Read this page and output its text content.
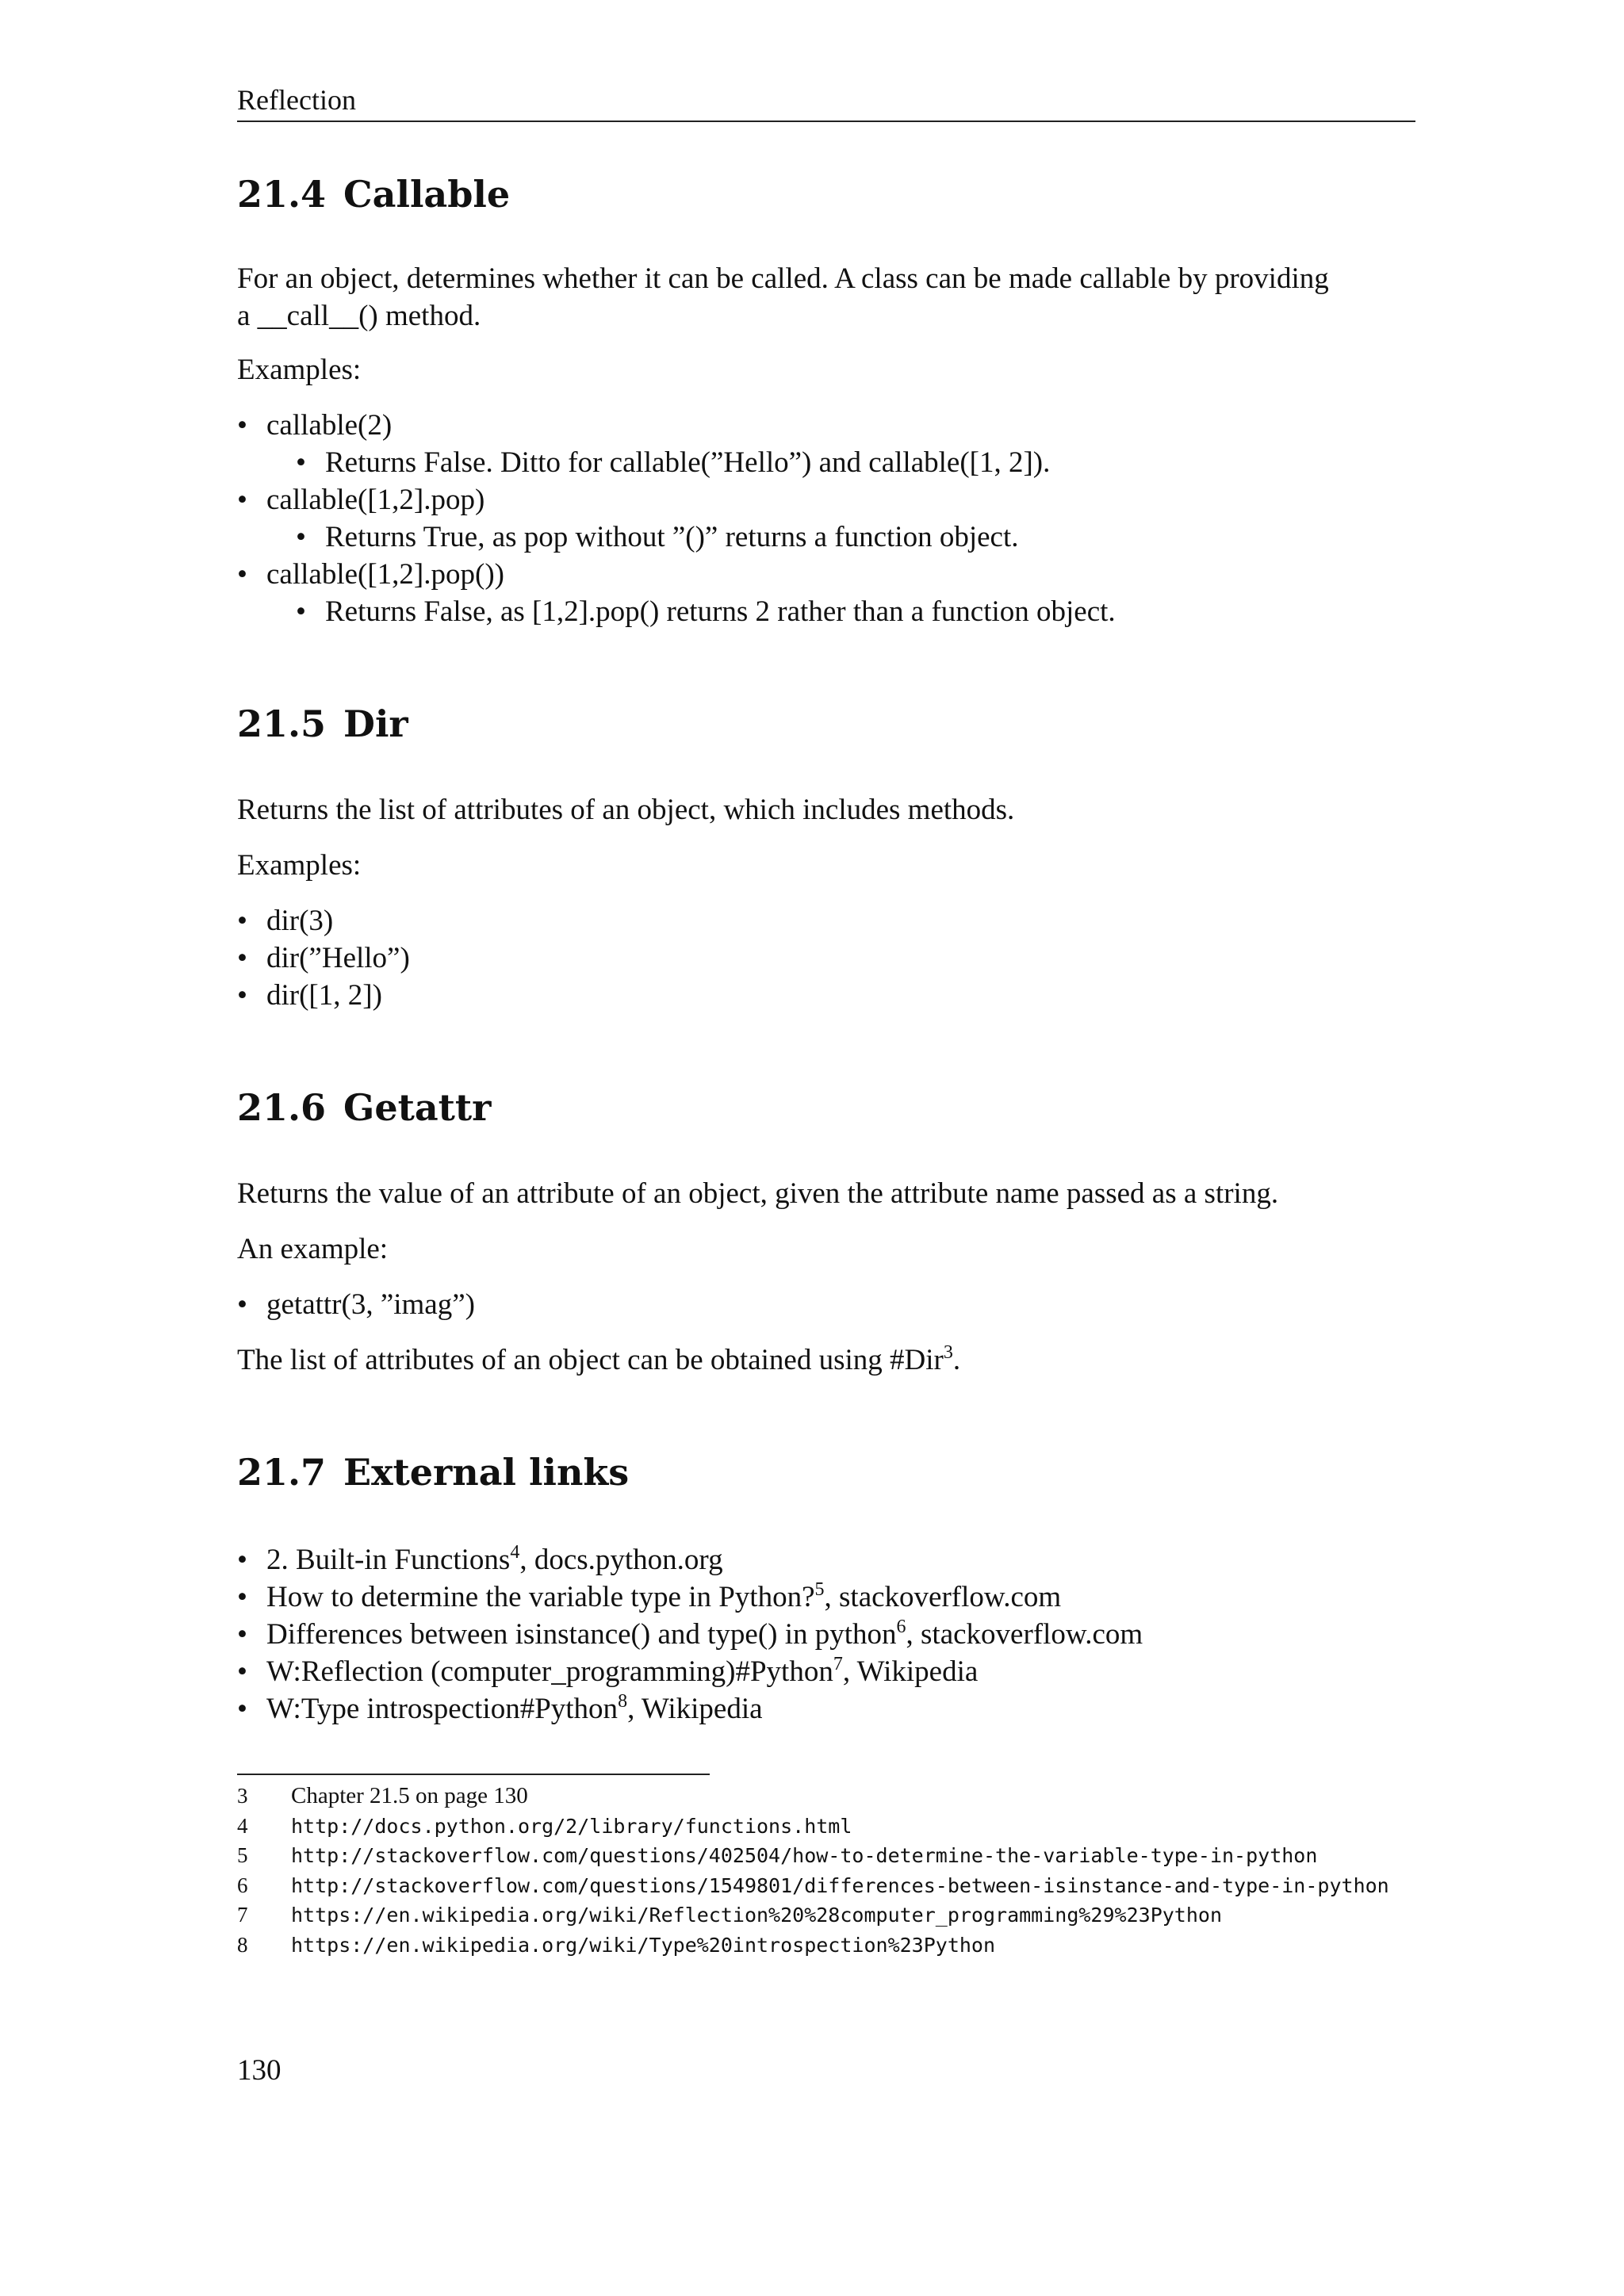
Reflection
21.4 Callable

For an object, determines whether it can be called. A class can be made callable by providing

a __call__() method.

Examples:

• callable(2)
• Returns False. Ditto for callable(”Hello”) and callable([1, 2]).
• callable([1,2].pop)
• Returns True, as pop without ”()” returns a function object.
• callable([1,2].pop())
• Returns False, as [1,2].pop() returns 2 rather than a function object.
21.5 Dir

Returns the list of attributes of an object, which includes methods.

Examples:

• dir(3)
• dir(”Hello”)
• dir([1, 2])
21.6 Getattr

Returns the value of an attribute of an object, given the attribute name passed as a string.

An example:

• getattr(3, ”imag”)

The list of attributes of an object can be obtained using #Dir$^3$.

21.7 External links
• 2. Built-in Functions$^4$, docs.python.org
• How to determine the variable type in Python?$^5$, stackoverflow.com
• Differences between isinstance() and type() in python$^6$, stackoverflow.com
• W:Reflection (computer_programming)#Python$^7$, Wikipedia
• W:Type introspection#Python$^8$, Wikipedia
3	Chapter 21.5 on page 130
4	http://docs.python.org/2/library/functions.html
5	http://stackoverflow.com/questions/402504/how-to-determine-the-variable-type-in-python
6	http://stackoverflow.com/questions/1549801/differences-between-isinstance-and-type-in-python
7	https://en.wikipedia.org/wiki/Reflection%20%28computer_programming%29%23Python
8	https://en.wikipedia.org/wiki/Type%20introspection%23Python
130
